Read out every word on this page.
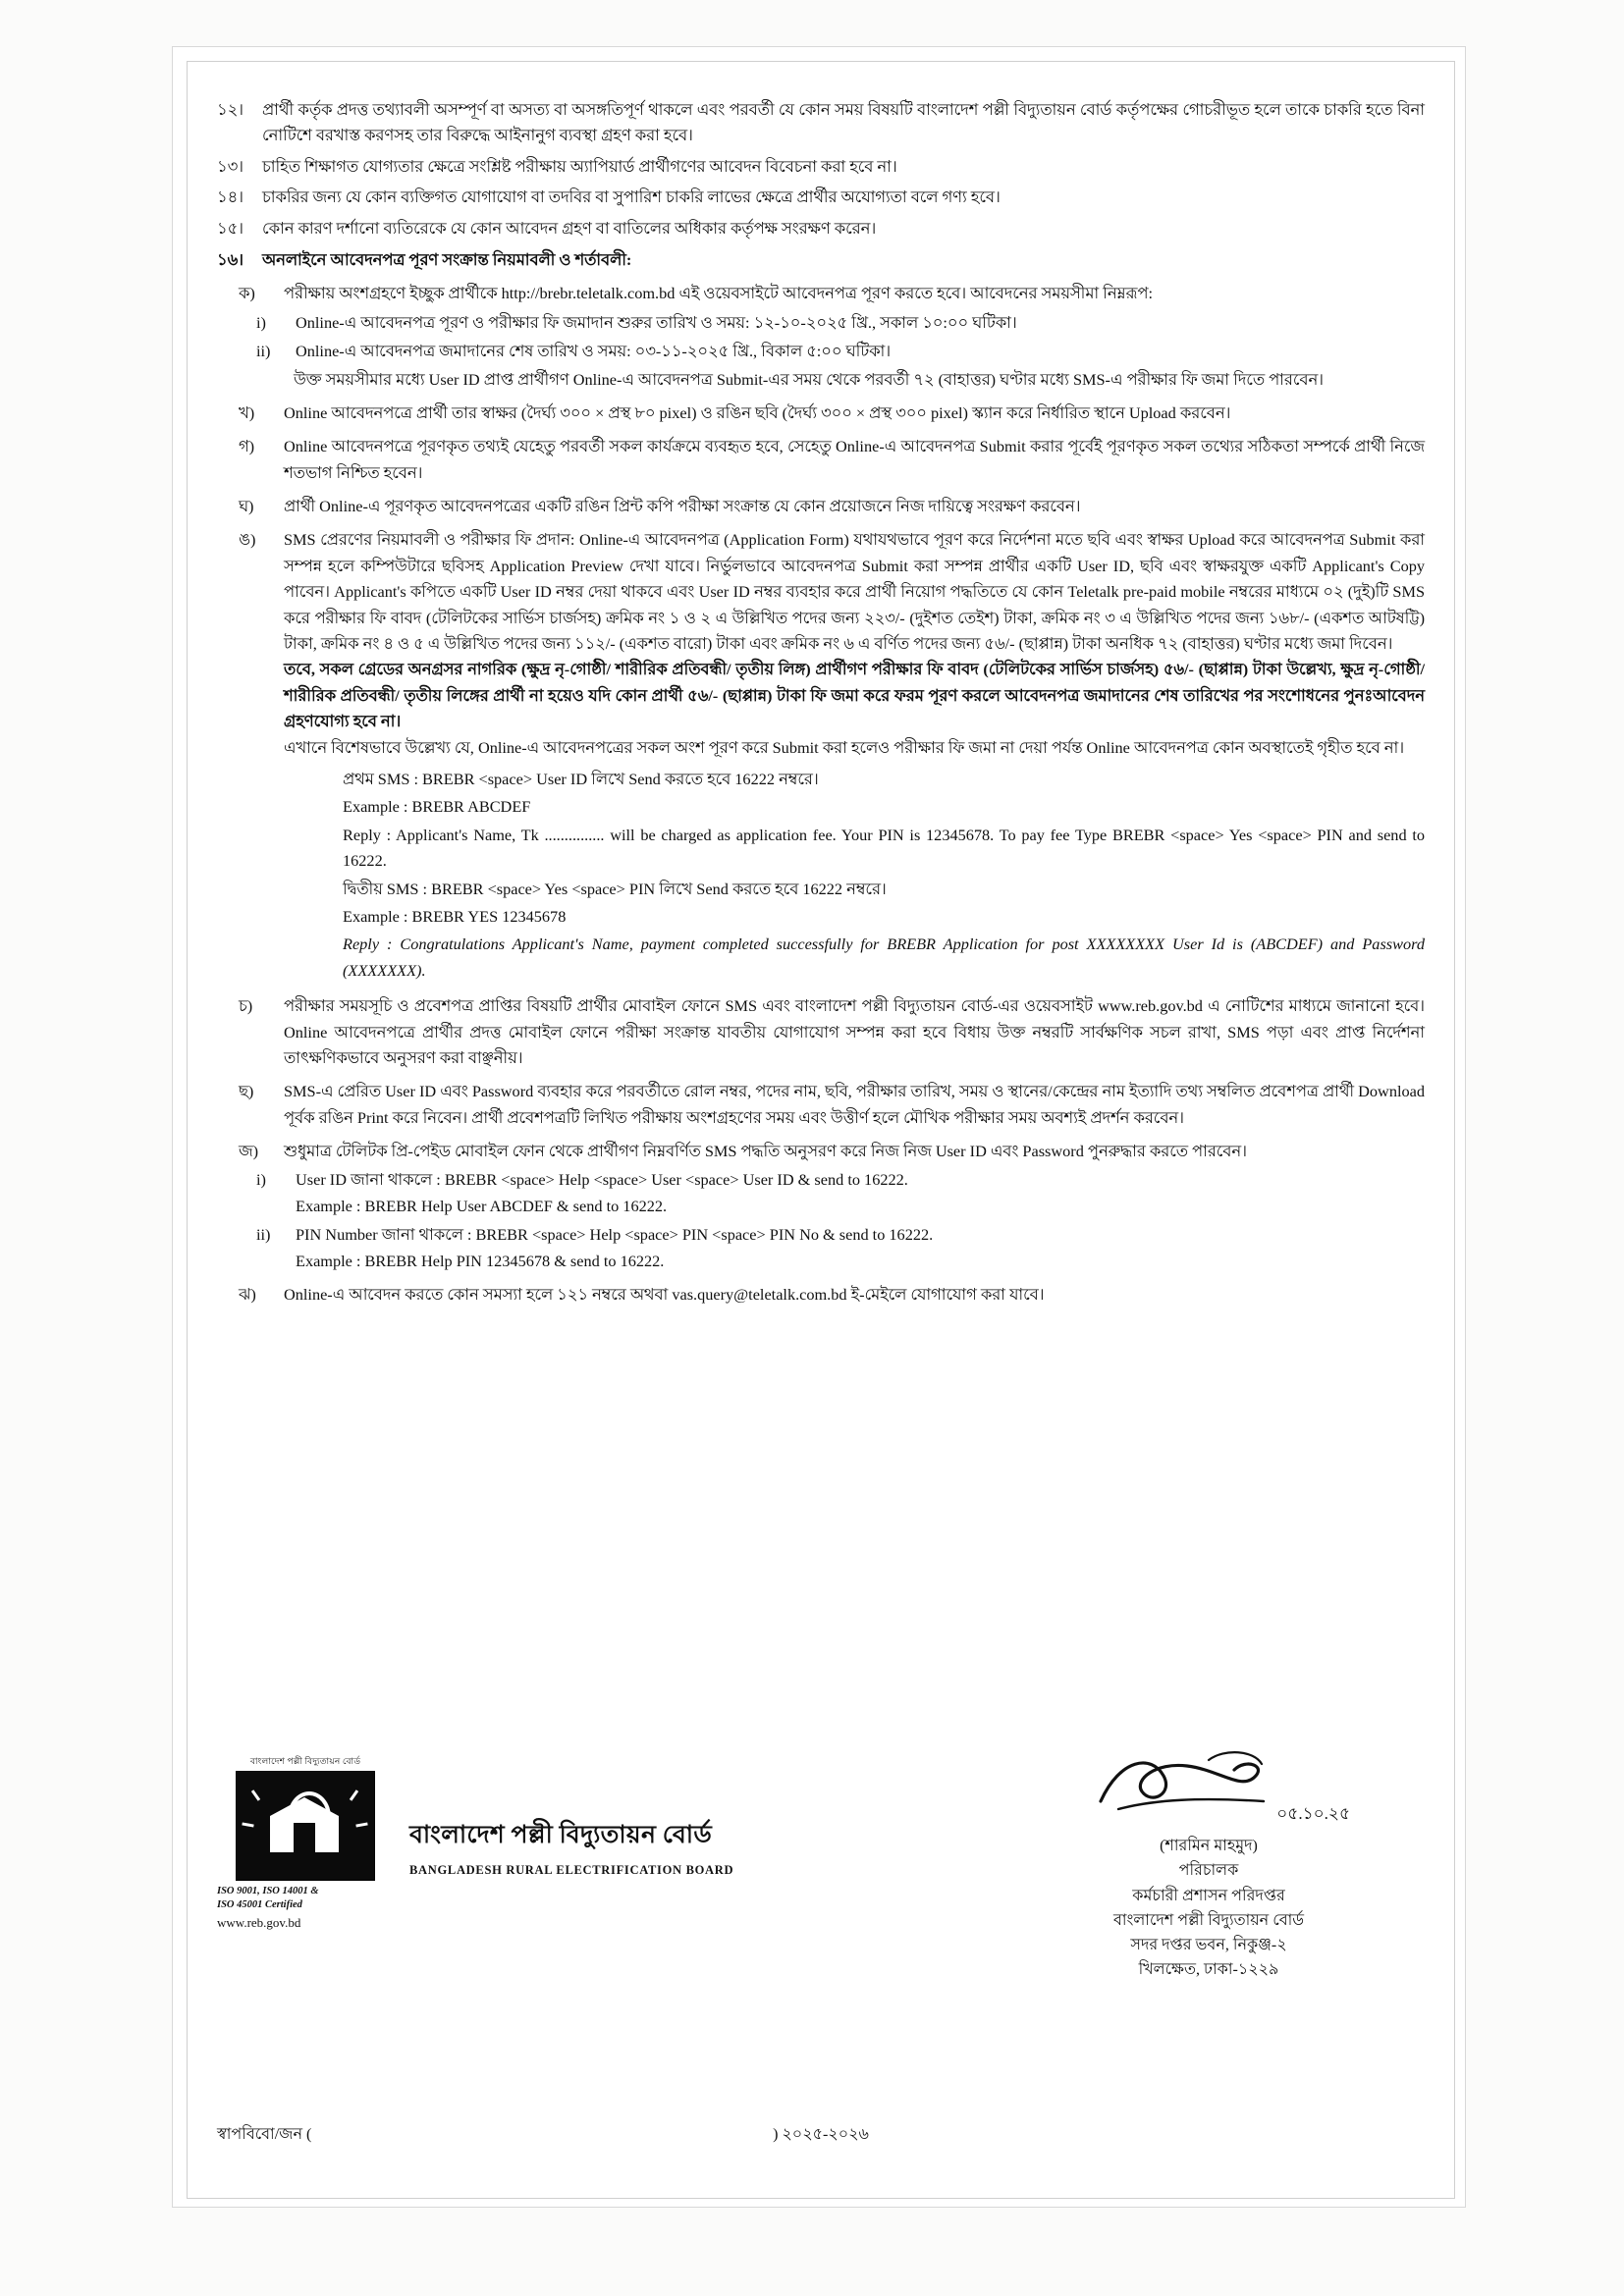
১২।	প্রার্থী কর্তৃক প্রদত্ত তথ্যাবলী অসম্পূর্ণ বা অসত্য বা অসঙ্গতিপূর্ণ থাকলে এবং পরবর্তী যে কোন সময় বিষয়টি বাংলাদেশ পল্লী বিদ্যুতায়ন বোর্ড কর্তৃপক্ষের গোচরীভূত হলে তাকে চাকরি হতে বিনা নোটিশে বরখাস্ত করণসহ তার বিরুদ্ধে আইনানুগ ব্যবস্থা গ্রহণ করা হবে।
১৩।	চাহিত শিক্ষাগত যোগ্যতার ক্ষেত্রে সংশ্লিষ্ট পরীক্ষায় অ্যাপিয়ার্ড প্রার্থীগণের আবেদন বিবেচনা করা হবে না।
১৪।	চাকরির জন্য যে কোন ব্যক্তিগত যোগাযোগ বা তদবির বা সুপারিশ চাকরি লাভের ক্ষেত্রে প্রার্থীর অযোগ্যতা বলে গণ্য হবে।
১৫।	কোন কারণ দর্শানো ব্যতিরেকে যে কোন আবেদন গ্রহণ বা বাতিলের অধিকার কর্তৃপক্ষ সংরক্ষণ করেন।
১৬।	অনলাইনে আবেদনপত্র পূরণ সংক্রান্ত নিয়মাবলী ও শর্তাবলী:
ক)	পরীক্ষায় অংশগ্রহণে ইচ্ছুক প্রার্থীকে http://brebr.teletalk.com.bd এই ওয়েবসাইটে আবেদনপত্র পূরণ করতে হবে। আবেদনের সময়সীমা নিম্নরূপ:
i)	Online-এ আবেদনপত্র পূরণ ও পরীক্ষার ফি জমাদান শুরুর তারিখ ও সময়: ১২-১০-২০২৫ খ্রি., সকাল ১০:০০ ঘটিকা।
ii)	Online-এ আবেদনপত্র জমাদানের শেষ তারিখ ও সময়: ০৩-১১-২০২৫ খ্রি., বিকাল ৫:০০ ঘটিকা।
উক্ত সময়সীমার মধ্যে User ID প্রাপ্ত প্রার্থীগণ Online-এ আবেদনপত্র Submit-এর সময় থেকে পরবর্তী ৭২ (বাহাত্তর) ঘণ্টার মধ্যে SMS-এ পরীক্ষার ফি জমা দিতে পারবেন।
খ)	Online আবেদনপত্রে প্রার্থী তার স্বাক্ষর (দৈর্ঘ্য ৩০০ × প্রস্থ ৮০ pixel) ও রঙিন ছবি (দৈর্ঘ্য ৩০০ × প্রস্থ ৩০০ pixel) স্ক্যান করে নির্ধারিত স্থানে Upload করবেন।
গ)	Online আবেদনপত্রে পূরণকৃত তথ্যই যেহেতু পরবর্তী সকল কার্যক্রমে ব্যবহৃত হবে, সেহেতু Online-এ আবেদনপত্র Submit করার পূর্বেই পূরণকৃত সকল তথ্যের সঠিকতা সম্পর্কে প্রার্থী নিজে শতভাগ নিশ্চিত হবেন।
ঘ)	প্রার্থী Online-এ পূরণকৃত আবেদনপত্রের একটি রঙিন প্রিন্ট কপি পরীক্ষা সংক্রান্ত যে কোন প্রয়োজনে নিজ দায়িত্বে সংরক্ষণ করবেন।
ঙ)	SMS প্রেরণের নিয়মাবলী ও পরীক্ষার ফি প্রদান: Online-এ আবেদনপত্র (Application Form) যথাযথভাবে পূরণ করে নির্দেশনা মতে ছবি এবং স্বাক্ষর Upload করে আবেদনপত্র Submit করা সম্পন্ন হলে কম্পিউটারে ছবিসহ Application Preview দেখা যাবে। নির্ভুলভাবে আবেদনপত্র Submit করা সম্পন্ন প্রার্থীর একটি User ID, ছবি এবং স্বাক্ষরযুক্ত একটি Applicant's Copy পাবেন। Applicant's কপিতে একটি User ID নম্বর দেয়া থাকবে এবং User ID নম্বর ব্যবহার করে প্রার্থী নিয়োগ পদ্ধতিতে যে কোন Teletalk pre-paid mobile নম্বরের মাধ্যমে ০২ (দুই)টি SMS করে পরীক্ষার ফি বাবদ (টেলিটকের সার্ভিস চার্জসহ) ক্রমিক নং ১ ও ২ এ উল্লিখিত পদের জন্য ২২৩/- (দুইশত তেইশ) টাকা, ক্রমিক নং ৩ এ উল্লিখিত পদের জন্য ১৬৮/- (একশত আটষট্টি) টাকা, ক্রমিক নং ৪ ও ৫ এ উল্লিখিত পদের জন্য ১১২/- (একশত বারো) টাকা এবং ক্রমিক নং ৬ এ বর্ণিত পদের জন্য ৫৬/- (ছাপ্পান্ন) টাকা অনধিক ৭২ (বাহাত্তর) ঘণ্টার মধ্যে জমা দিবেন।
তবে, সকল গ্রেডের অনগ্রসর নাগরিক (ক্ষুদ্র নৃ-গোষ্ঠী/ শারীরিক প্রতিবন্ধী/ তৃতীয় লিঙ্গ) প্রার্থীগণ পরীক্ষার ফি বাবদ (টেলিটকের সার্ভিস চার্জসহ) ৫৬/- (ছাপ্পান্ন) টাকা উল্লেখ্য, ক্ষুদ্র নৃ-গোষ্ঠী/ শারীরিক প্রতিবন্ধী/ তৃতীয় লিঙ্গের প্রার্থী না হয়েও যদি কোন প্রার্থী ৫৬/- (ছাপ্পান্ন) টাকা ফি জমা করে ফরম পূরণ করলে আবেদনপত্র জমাদানের শেষ তারিখের পর সংশোধনের পুনঃআবেদন গ্রহণযোগ্য হবে না।
এখানে বিশেষভাবে উল্লেখ্য যে, Online-এ আবেদনপত্রের সকল অংশ পূরণ করে Submit করা হলেও পরীক্ষার ফি জমা না দেয়া পর্যন্ত Online আবেদনপত্র কোন অবস্থাতেই গৃহীত হবে না।
প্রথম SMS : BREBR <space> User ID লিখে Send করতে হবে 16222 নম্বরে।
Example : BREBR ABCDEF
Reply : Applicant's Name, Tk ............... will be charged as application fee. Your PIN is 12345678. To pay fee Type BREBR <space> Yes <space> PIN and send to 16222.
দ্বিতীয় SMS : BREBR <space> Yes <space> PIN লিখে Send করতে হবে 16222 নম্বরে।
Example : BREBR YES 12345678
Reply : Congratulations Applicant's Name, payment completed successfully for BREBR Application for post XXXXXXXX User Id is (ABCDEF) and Password (XXXXXXX).
চ)	পরীক্ষার সময়সূচি ও প্রবেশপত্র প্রাপ্তির বিষয়টি প্রার্থীর মোবাইল ফোনে SMS এবং বাংলাদেশ পল্লী বিদ্যুতায়ন বোর্ড-এর ওয়েবসাইট www.reb.gov.bd এ নোটিশের মাধ্যমে জানানো হবে। Online আবেদনপত্রে প্রার্থীর প্রদত্ত মোবাইল ফোনে পরীক্ষা সংক্রান্ত যাবতীয় যোগাযোগ সম্পন্ন করা হবে বিধায় উক্ত নম্বরটি সার্বক্ষণিক সচল রাখা, SMS পড়া এবং প্রাপ্ত নির্দেশনা তাৎক্ষণিকভাবে অনুসরণ করা বাঞ্ছনীয়।
ছ)	SMS-এ প্রেরিত User ID এবং Password ব্যবহার করে পরবর্তীতে রোল নম্বর, পদের নাম, ছবি, পরীক্ষার তারিখ, সময় ও স্থানের/কেন্দ্রের নাম ইত্যাদি তথ্য সম্বলিত প্রবেশপত্র প্রার্থী Download পূর্বক রঙিন Print করে নিবেন। প্রার্থী প্রবেশপত্রটি লিখিত পরীক্ষায় অংশগ্রহণের সময় এবং উত্তীর্ণ হলে মৌখিক পরীক্ষার সময় অবশ্যই প্রদর্শন করবেন।
জ)	শুধুমাত্র টেলিটক প্রি-পেইড মোবাইল ফোন থেকে প্রার্থীগণ নিম্নবর্ণিত SMS পদ্ধতি অনুসরণ করে নিজ নিজ User ID এবং Password পুনরুদ্ধার করতে পারবেন।
i)	User ID জানা থাকলে : BREBR <space> Help <space> User <space> User ID & send to 16222.
Example : BREBR Help User ABCDEF & send to 16222.
ii)	PIN Number জানা থাকলে : BREBR <space> Help <space> PIN <space> PIN No & send to 16222.
Example : BREBR Help PIN 12345678 & send to 16222.
ঝ)	Online-এ আবেদন করতে কোন সমস্যা হলে ১২১ নম্বরে অথবা vas.query@teletalk.com.bd ই-মেইলে যোগাযোগ করা যাবে।
বাংলাদেশ পল্লী বিদ্যুতায়ন বোর্ড
ISO 9001, ISO 14001 &
ISO 45001 Certified
www.reb.gov.bd
বাংলাদেশ পল্লী বিদ্যুতায়ন বোর্ড
BANGLADESH RURAL ELECTRIFICATION BOARD
০৫.১০.২৫
(শারমিন মাহমুদ)
পরিচালক
কর্মচারী প্রশাসন পরিদপ্তর
বাংলাদেশ পল্লী বিদ্যুতায়ন বোর্ড
সদর দপ্তর ভবন, নিকুঞ্জ-২
খিলক্ষেত, ঢাকা-১২২৯
স্বাপবিবো/জন (	) ২০২৫-২০২৬
